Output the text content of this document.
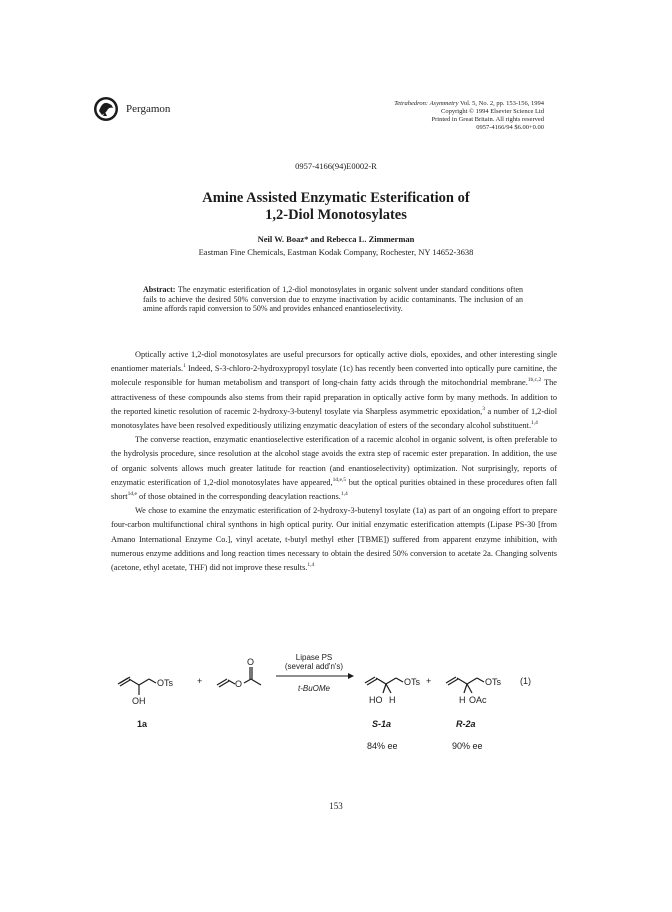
Pergamon	Tetrahedron: Asymmetry Vol. 5, No. 2, pp. 153-156, 1994
Copyright © 1994 Elsevier Science Ltd
Printed in Great Britain. All rights reserved
0957-4166/94 $6.00+0.00
0957-4166(94)E0002-R
Amine Assisted Enzymatic Esterification of
1,2-Diol Monotosylates
Neil W. Boaz* and Rebecca L. Zimmerman
Eastman Fine Chemicals, Eastman Kodak Company, Rochester, NY 14652-3638
Abstract: The enzymatic esterification of 1,2-diol monotosylates in organic solvent under standard conditions often fails to achieve the desired 50% conversion due to enzyme inactivation by acidic contaminants. The inclusion of an amine affords rapid conversion to 50% and provides enhanced enantioselectivity.

Optically active 1,2-diol monotosylates are useful precursors for optically active diols, epoxides, and other interesting single enantiomer materials.$^1$ Indeed, S-3-chloro-2-hydroxypropyl tosylate (1c) has recently been converted into optically pure carnitine, the molecule responsible for human metabolism and transport of long-chain fatty acids through the mitochondrial membrane.$^{1b,c,2}$ The attractiveness of these compounds also stems from their rapid preparation in optically active form by many methods. In addition to the reported kinetic resolution of racemic 2-hydroxy-3-butenyl tosylate via Sharpless asymmetric epoxidation,$^3$ a number of 1,2-diol monotosylates have been resolved expeditiously utilizing enzymatic deacylation of esters of the secondary alcohol substituent.$^{1,4}$

The converse reaction, enzymatic enantioselective esterification of a racemic alcohol in organic solvent, is often preferable to the hydrolysis procedure, since resolution at the alcohol stage avoids the extra step of racemic ester preparation. In addition, the use of organic solvents allows much greater latitude for reaction (and enantioselectivity) optimization. Not surprisingly, reports of enzymatic esterification of 1,2-diol monotosylates have appeared,$^{1d,e,5}$ but the optical purities obtained in these procedures often fall short$^{1d,e}$ of those obtained in the corresponding deacylation reactions.$^{1,4}$

We chose to examine the enzymatic esterification of 2-hydroxy-3-butenyl tosylate (1a) as part of an ongoing effort to prepare four-carbon multifunctional chiral synthons in high optical purity. Our initial enzymatic esterification attempts (Lipase PS-30 [from Amano International Enzyme Co.], vinyl acetate, t-butyl methyl ether [TBME]) suffered from apparent enzyme inhibition, with numerous enzyme additions and long reaction times necessary to obtain the desired 50% conversion to acetate 2a. Changing solvents (acetone, ethyl acetate, THF) did not improve these results.$^{1,4}$

OTs
OH
+	O
O	Lipase PS
(several add'n's)
t-BuOMe
OTs
HO H
+	OTs
H OAc
(1)
1a	S-1a	R-2a
84% ee	90% ee
153
